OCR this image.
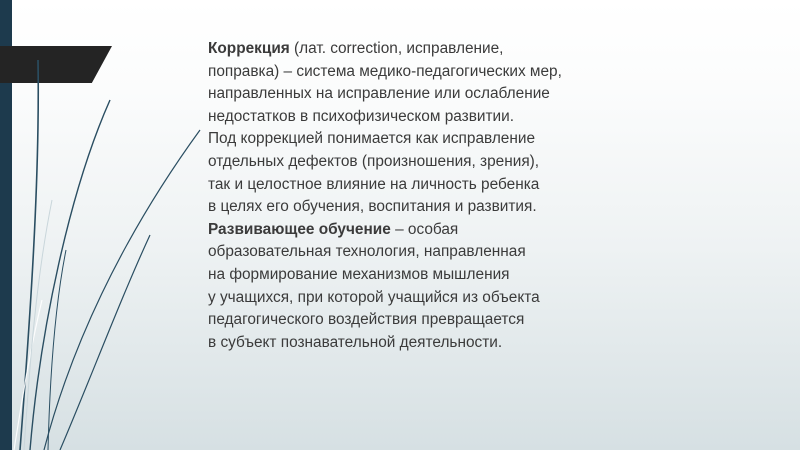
Коррекция (лат. correction, исправление,
поправка) – система медико-педагогических мер,
направленных на исправление или ослабление
недостатков в психофизическом развитии.
Под коррекцией понимается как исправление
отдельных дефектов (произношения, зрения),
так и целостное влияние на личность ребенка
в целях его обучения, воспитания и развития.

Развивающее обучение – особая
образовательная технология, направленная
на формирование механизмов мышления
у учащихся, при которой учащийся из объекта
педагогического воздействия превращается
в субъект познавательной деятельности.
